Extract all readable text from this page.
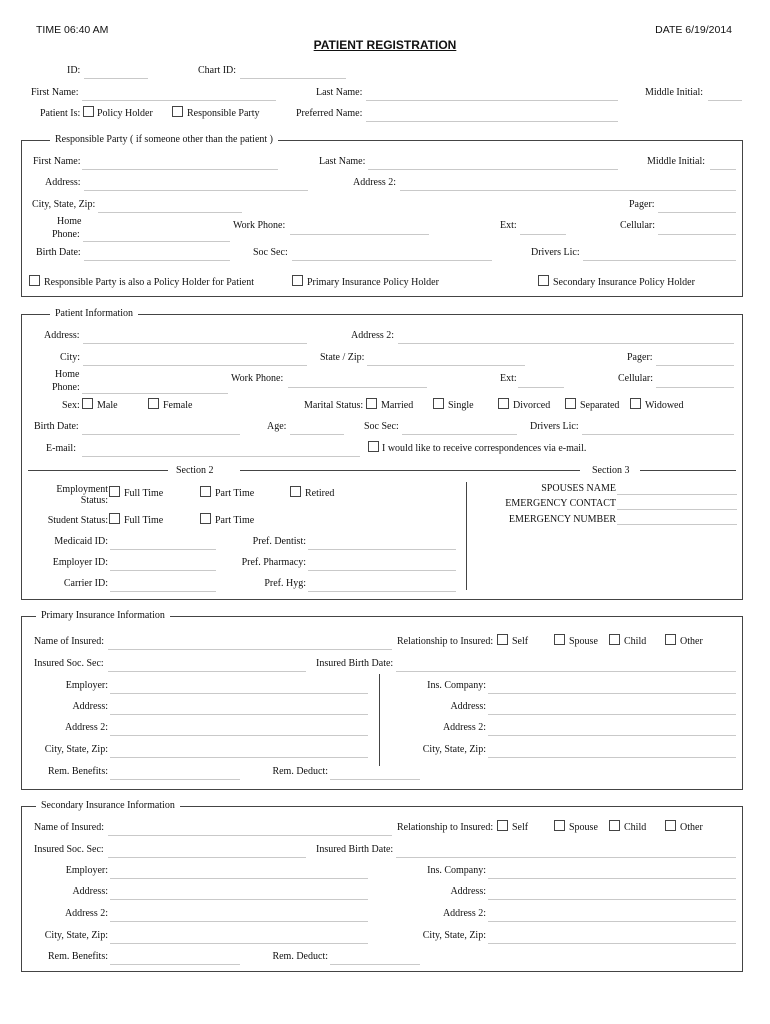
TIME 06:40 AM	DATE 6/19/2014
PATIENT REGISTRATION
ID:	Chart ID:
First Name:	Last Name:	Middle Initial:
Patient Is: Policy Holder	Responsible Party	Preferred Name:
Responsible Party ( if someone other than the patient )
First Name:	Last Name:	Middle Initial:
Address:	Address 2:
City, State, Zip:	Pager:
Home
Phone:
Work Phone:	Ext:	Cellular:
Birth Date:	Soc Sec:	Drivers Lic:
Responsible Party is also a Policy Holder for Patient	Primary Insurance Policy Holder	Secondary Insurance Policy Holder
Patient Information
Address:	Address 2:
City:	State / Zip:	Pager:
Home
Phone:
Work Phone:	Ext:	Cellular:
Sex: Male	Female	Marital Status: Married	Single	Divorced	Separated	Widowed
Birth Date:	Age:	Soc Sec:	Drivers Lic:
E-mail:	I would like to receive correspondences via e-mail.
Section 2	Section 3
Employment
Status:
Full Time	Part Time	Retired
Student Status: Full Time	Part Time
Medicaid ID:	Pref. Dentist:
Employer ID:	Pref. Pharmacy:
Carrier ID:	Pref. Hyg:
SPOUSES NAME
EMERGENCY CONTACT
EMERGENCY NUMBER
Primary Insurance Information
Name of Insured:	Relationship to Insured: Self	Spouse	Child	Other
Insured Soc. Sec:	Insured Birth Date:
Employer:	Ins. Company:
Address:	Address:
Address 2:	Address 2:
City, State, Zip:	City, State, Zip:
Rem. Benefits:	Rem. Deduct:
Secondary Insurance Information
Name of Insured:	Relationship to Insured: Self	Spouse	Child	Other
Insured Soc. Sec:	Insured Birth Date:
Employer:	Ins. Company:
Address:	Address:
Address 2:	Address 2:
City, State, Zip:	City, State, Zip:
Rem. Benefits:	Rem. Deduct:
